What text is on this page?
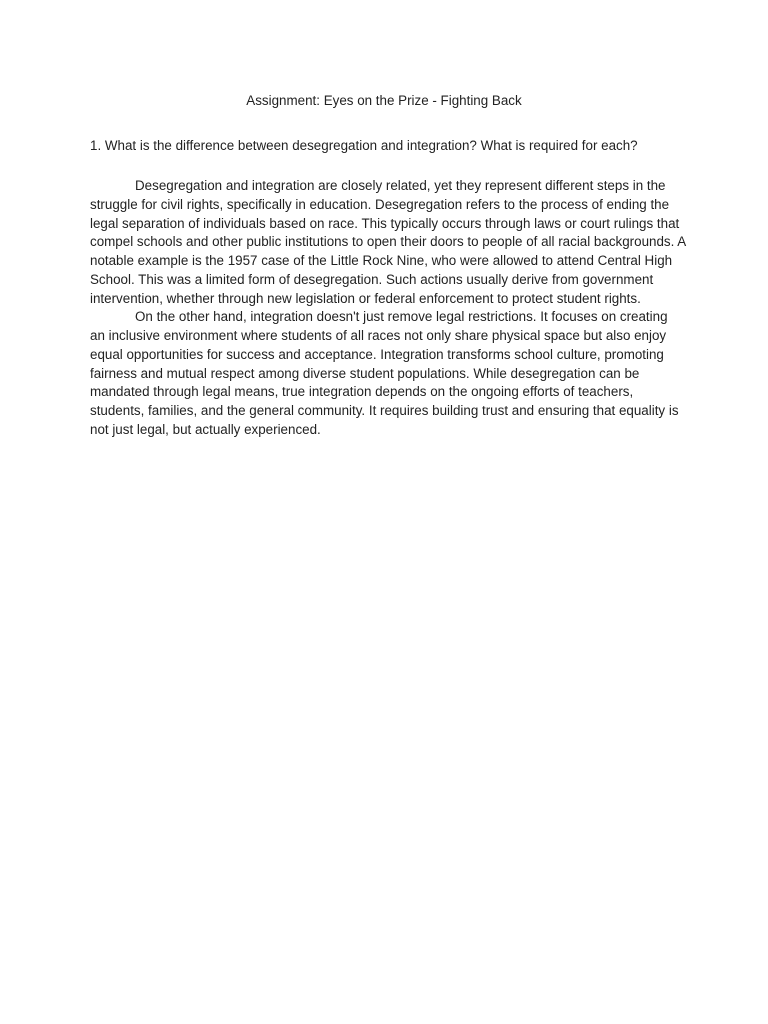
Assignment: Eyes on the Prize - Fighting Back
1. What is the difference between desegregation and integration? What is required for each?

Desegregation and integration are closely related, yet they represent different steps in the struggle for civil rights, specifically in education. Desegregation refers to the process of ending the legal separation of individuals based on race. This typically occurs through laws or court rulings that compel schools and other public institutions to open their doors to people of all racial backgrounds. A notable example is the 1957 case of the Little Rock Nine, who were allowed to attend Central High School. This was a limited form of desegregation. Such actions usually derive from government intervention, whether through new legislation or federal enforcement to protect student rights.

On the other hand, integration doesn't just remove legal restrictions. It focuses on creating an inclusive environment where students of all races not only share physical space but also enjoy equal opportunities for success and acceptance. Integration transforms school culture, promoting fairness and mutual respect among diverse student populations. While desegregation can be mandated through legal means, true integration depends on the ongoing efforts of teachers, students, families, and the general community. It requires building trust and ensuring that equality is not just legal, but actually experienced.
